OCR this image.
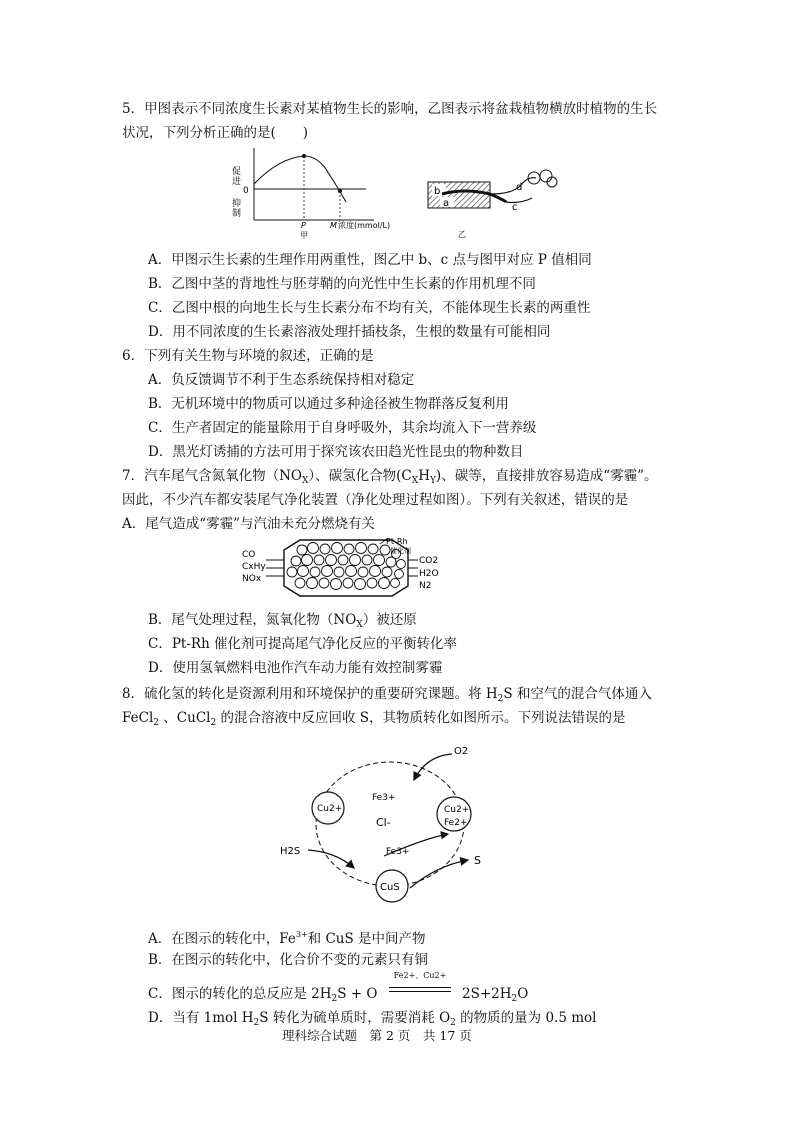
5．甲图表示不同浓度生长素对某植物生长的影响，乙图表示将盆栽植物横放时植物的生长
状况，下列分析正确的是(　　)
促进
0
抑制
P	M 浓度(mmol/L)
甲
b
a
d
c
乙
A．甲图示生长素的生理作用两重性，图乙中 b、c 点与图甲对应 P 值相同
B．乙图中茎的背地性与胚芽鞘的向光性中生长素的作用机理不同
C．乙图中根的向地生长与生长素分布不均有关，不能体现生长素的两重性
D．用不同浓度的生长素溶液处理扦插枝条，生根的数量有可能相同
6．下列有关生物与环境的叙述，正确的是
A．负反馈调节不利于生态系统保持相对稳定
B．无机环境中的物质可以通过多种途径被生物群落反复利用
C．生产者固定的能量除用于自身呼吸外，其余均流入下一营养级
D．黑光灯诱捕的方法可用于探究该农田趋光性昆虫的物种数目
7．汽车尾气含氮氧化物$(NO_X)$、碳氢化合物$(C_XH_Y)$、碳等，直接排放容易造成“雾霾”。
因此，不少汽车都安装尾气净化装置（净化处理过程如图）。下列有关叙述，错误的是
A．尾气造成“雾霾”与汽油未充分燃烧有关
CO
CxHy
NOx
Pt-Rh
催化剂
CO2
H2O
N2
B．尾气处理过程，氮氧化物$(NO_X)$被还原
C．Pt-Rh 催化剂可提高尾气净化反应的平衡转化率
D．使用氢氧燃料电池作汽车动力能有效控制雾霾
8．硫化氢的转化是资源利用和环境保护的重要研究课题。将 $H_2S$ 和空气的混合气体通入
FeCl$_2$ 、CuCl$_2$ 的混合溶液中反应回收 S，其物质转化如图所示。下列说法错误的是
O2
Cu2+
Fe3+
Cl-
Cu2+
Fe2+
H2S	Fe3+
S
CuS
A．在图示的转化中，$Fe^{3+}$和 CuS 是中间产物
B．在图示的转化中，化合价不变的元素只有铜
C．图示的转化的总反应是 $2H_2S + O$
Fe2+、Cu2+
$2S+2H_2O$
D．当有 1mol $H_2S$ 转化为硫单质时，需要消耗 $O_2$ 的物质的量为 0.5 mol
理科综合试题　第 2 页　共 17 页
